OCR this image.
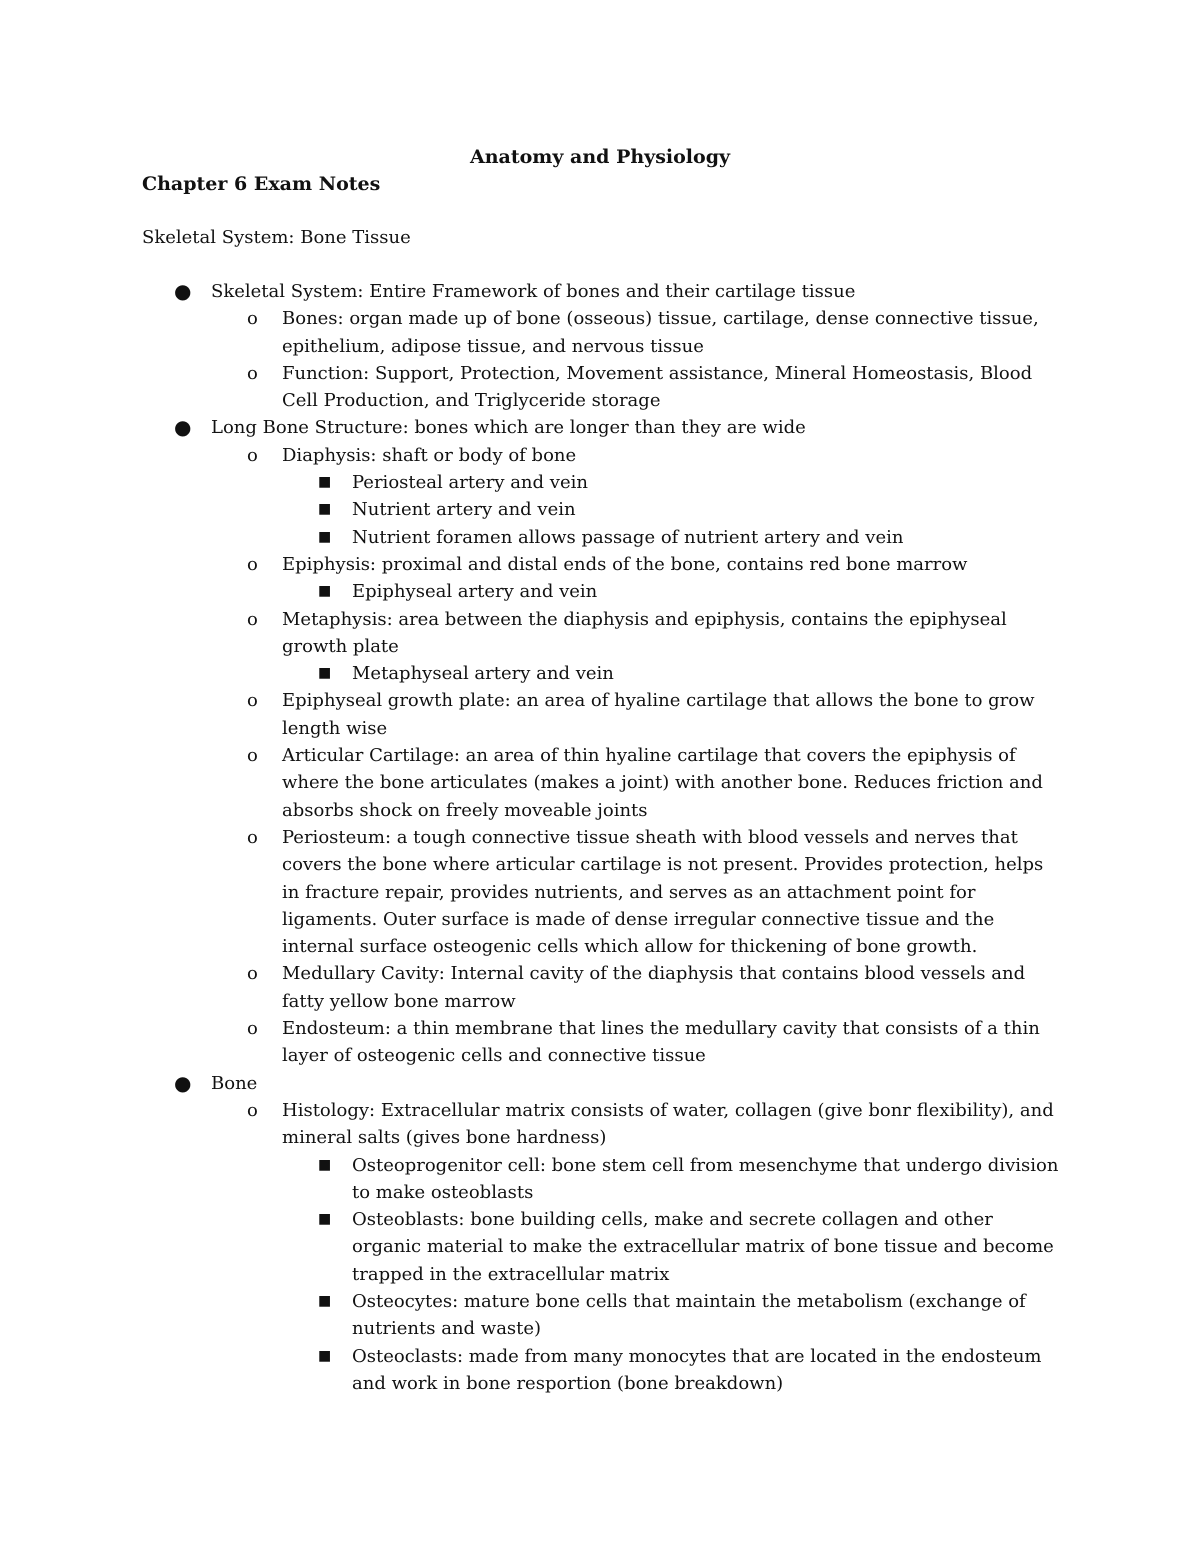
Anatomy and Physiology
Chapter 6 Exam Notes
Skeletal System: Bone Tissue
● Skeletal System: Entire Framework of bones and their cartilage tissue
o Bones: organ made up of bone (osseous) tissue, cartilage, dense connective tissue, epithelium, adipose tissue, and nervous tissue
o Function: Support, Protection, Movement assistance, Mineral Homeostasis, Blood Cell Production, and Triglyceride storage
● Long Bone Structure: bones which are longer than they are wide
o Diaphysis: shaft or body of bone
■ Periosteal artery and vein
■ Nutrient artery and vein
■ Nutrient foramen allows passage of nutrient artery and vein
o Epiphysis: proximal and distal ends of the bone, contains red bone marrow
■ Epiphyseal artery and vein
o Metaphysis: area between the diaphysis and epiphysis, contains the epiphyseal growth plate
■ Metaphyseal artery and vein
o Epiphyseal growth plate: an area of hyaline cartilage that allows the bone to grow length wise
o Articular Cartilage: an area of thin hyaline cartilage that covers the epiphysis of where the bone articulates (makes a joint) with another bone. Reduces friction and absorbs shock on freely moveable joints
o Periosteum: a tough connective tissue sheath with blood vessels and nerves that covers the bone where articular cartilage is not present. Provides protection, helps in fracture repair, provides nutrients, and serves as an attachment point for ligaments. Outer surface is made of dense irregular connective tissue and the internal surface osteogenic cells which allow for thickening of bone growth.
o Medullary Cavity: Internal cavity of the diaphysis that contains blood vessels and fatty yellow bone marrow
o Endosteum: a thin membrane that lines the medullary cavity that consists of a thin layer of osteogenic cells and connective tissue
● Bone
o Histology: Extracellular matrix consists of water, collagen (give bonr flexibility), and mineral salts (gives bone hardness)
■ Osteoprogenitor cell: bone stem cell from mesenchyme that undergo division to make osteoblasts
■ Osteoblasts: bone building cells, make and secrete collagen and other organic material to make the extracellular matrix of bone tissue and become trapped in the extracellular matrix
■ Osteocytes: mature bone cells that maintain the metabolism (exchange of nutrients and waste)
■ Osteoclasts: made from many monocytes that are located in the endosteum and work in bone resportion (bone breakdown)
